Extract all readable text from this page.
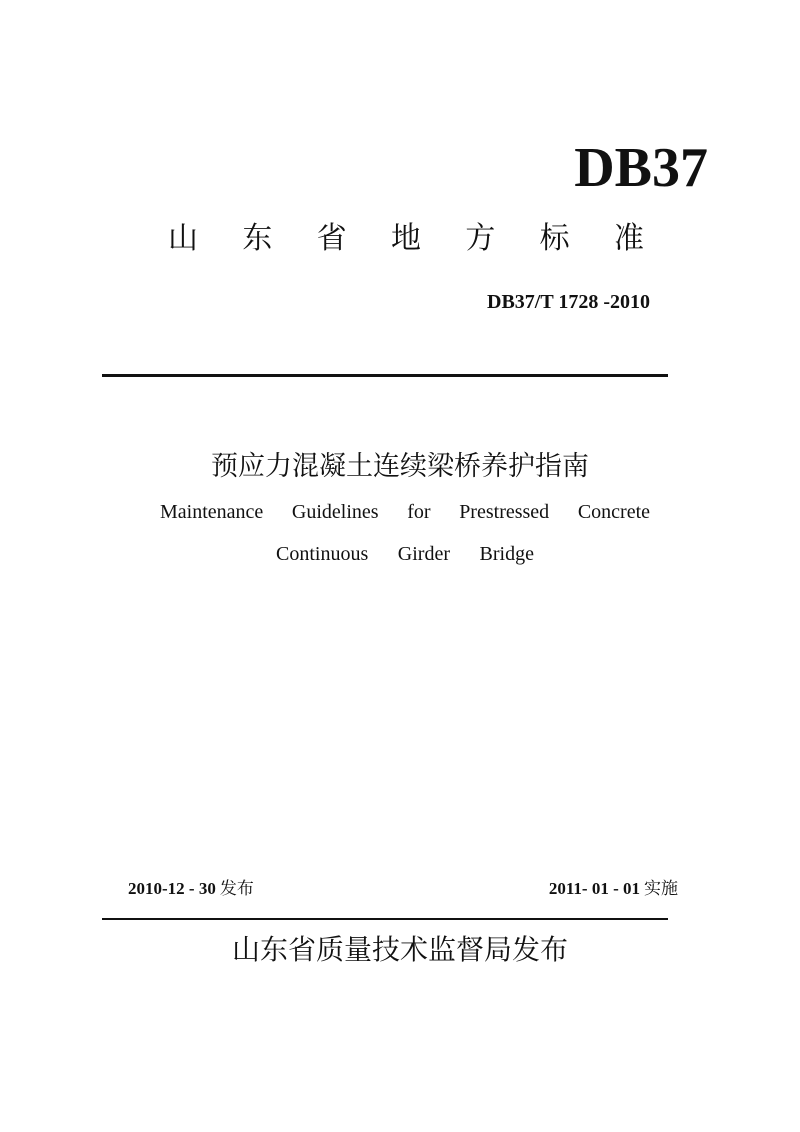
DB37
山 东 省 地 方 标 准
DB37/T 1728 -2010
预应力混凝土连续梁桥养护指南
Maintenance Guidelines for Prestressed Concrete
Continuous Girder Bridge
2010-12 - 30 发布	2011- 01 - 01 实施
山东省质量技术监督局发布
